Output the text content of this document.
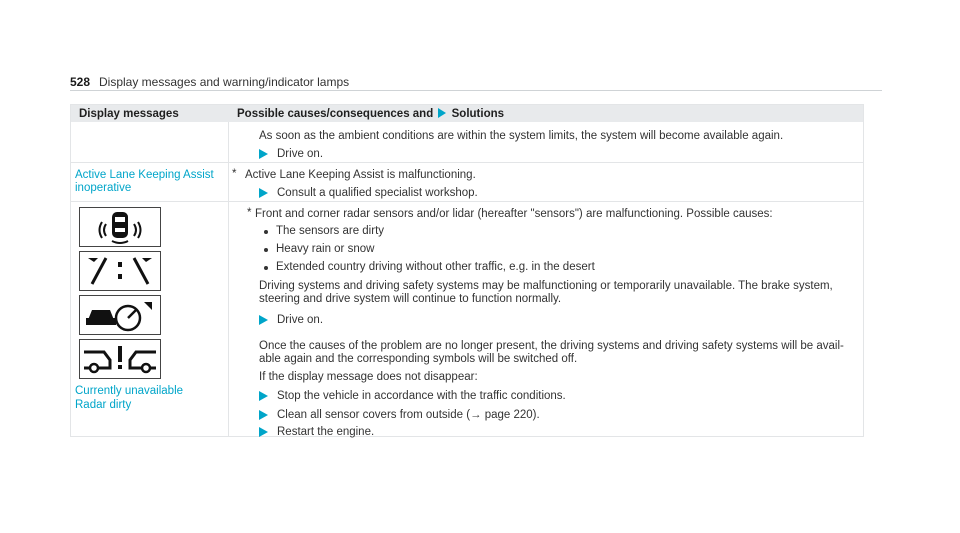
528 Display messages and warning/indicator lamps
Display messages	Possible causes/consequences and Solutions
As soon as the ambient conditions are within the system limits, the system will become available again.
Drive on.
Active Lane Keeping Assist
inoperative
* Active Lane Keeping Assist is malfunctioning.
Consult a qualified specialist workshop.
Currently unavailable
Radar dirty
* Front and corner radar sensors and/or lidar (hereafter "sensors") are malfunctioning. Possible causes:
The sensors are dirty
Heavy rain or snow
Extended country driving without other traffic, e.g. in the desert
Driving systems and driving safety systems may be malfunctioning or temporarily unavailable. The brake system,
steering and drive system will continue to function normally.
Drive on.
Once the causes of the problem are no longer present, the driving systems and driving safety systems will be avail-
able again and the corresponding symbols will be switched off.
If the display message does not disappear:
Stop the vehicle in accordance with the traffic conditions.
Clean all sensor covers from outside (→ page 220).
Restart the engine.
